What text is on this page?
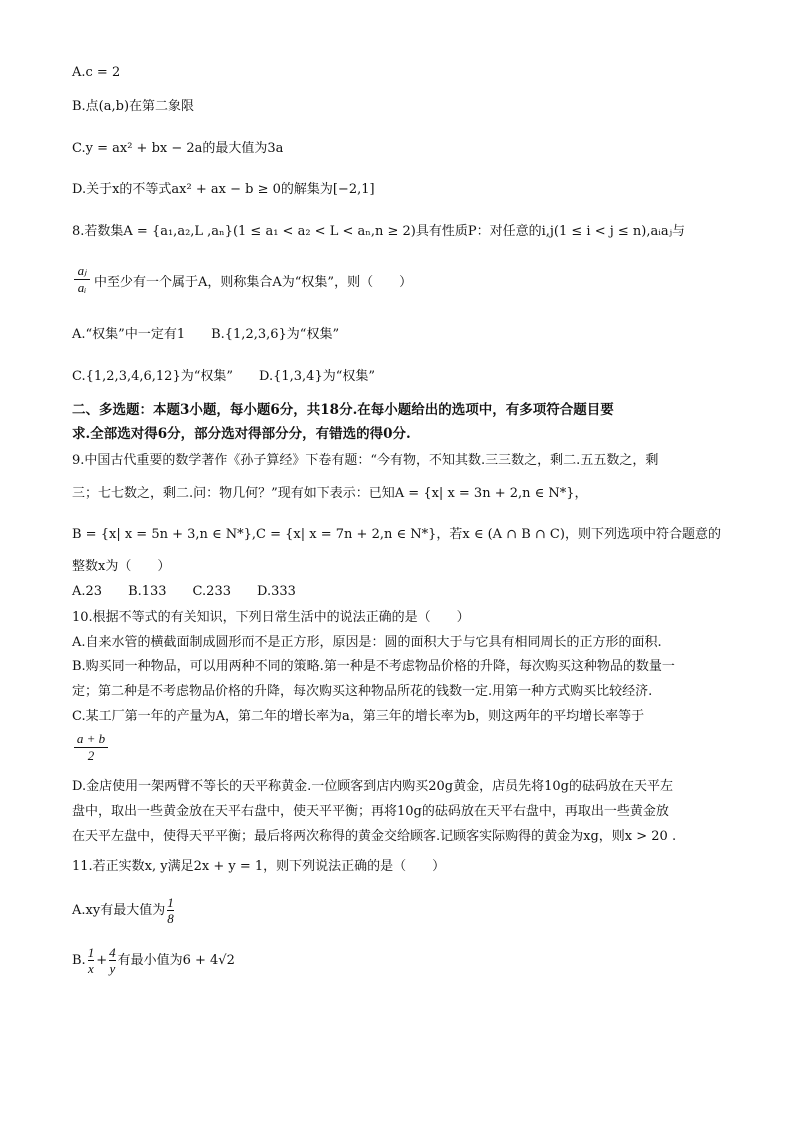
A.c = 2
B.点(a,b)在第二象限
C.y = ax² + bx − 2a的最大值为3a
D.关于x的不等式ax² + ax − b ≥ 0的解集为[−2,1]
8.若数集A = {a₁,a₂,L ,aₙ}(1 ≤ a₁ < a₂ < L < aₙ,n ≥ 2)具有性质P：对任意的i,j(1 ≤ i < j ≤ n),aᵢaⱼ与
aⱼ
aᵢ 中至少有一个属于A，则称集合A为“权集”，则（　　）
A.“权集”中一定有1　　B.{1,2,3,6}为“权集”
C.{1,2,3,4,6,12}为“权集”　　D.{1,3,4}为“权集”
二、多选题：本题3小题，每小题6分，共18分.在每小题给出的选项中，有多项符合题目要
求.全部选对得6分，部分选对得部分分，有错选的得0分.
9.中国古代重要的数学著作《孙子算经》下卷有题：“今有物，不知其数.三三数之，剩二.五五数之，剩
三；七七数之，剩二.问：物几何？”现有如下表示：已知A = {x| x = 3n + 2,n ∈ N*}，
B = {x| x = 5n + 3,n ∈ N*},C = {x| x = 7n + 2,n ∈ N*}，若x ∈ (A ∩ B ∩ C)，则下列选项中符合题意的
整数x为（　　）
A.23　　B.133　　C.233　　D.333
10.根据不等式的有关知识，下列日常生活中的说法正确的是（　　）
A.自来水管的横截面制成圆形而不是正方形，原因是：圆的面积大于与它具有相同周长的正方形的面积.
B.购买同一种物品，可以用两种不同的策略.第一种是不考虑物品价格的升降，每次购买这种物品的数量一
定；第二种是不考虑物品价格的升降，每次购买这种物品所花的钱数一定.用第一种方式购买比较经济.
C.某工厂第一年的产量为A，第二年的增长率为a，第三年的增长率为b，则这两年的平均增长率等于
a + b
2
D.金店使用一架两臂不等长的天平称黄金.一位顾客到店内购买20g黄金，店员先将10g的砝码放在天平左
盘中，取出一些黄金放在天平右盘中，使天平平衡；再将10g的砝码放在天平右盘中，再取出一些黄金放
在天平左盘中，使得天平平衡；最后将两次称得的黄金交给顾客.记顾客实际购得的黄金为xg，则x > 20 .
11.若正实数x, y满足2x + y = 1，则下列说法正确的是（　　）
A.xy有最大值为 $\frac{1}{8}$
B. $\frac{1}{x} + \frac{4}{y}$ 有最小值为6 + 4√2
